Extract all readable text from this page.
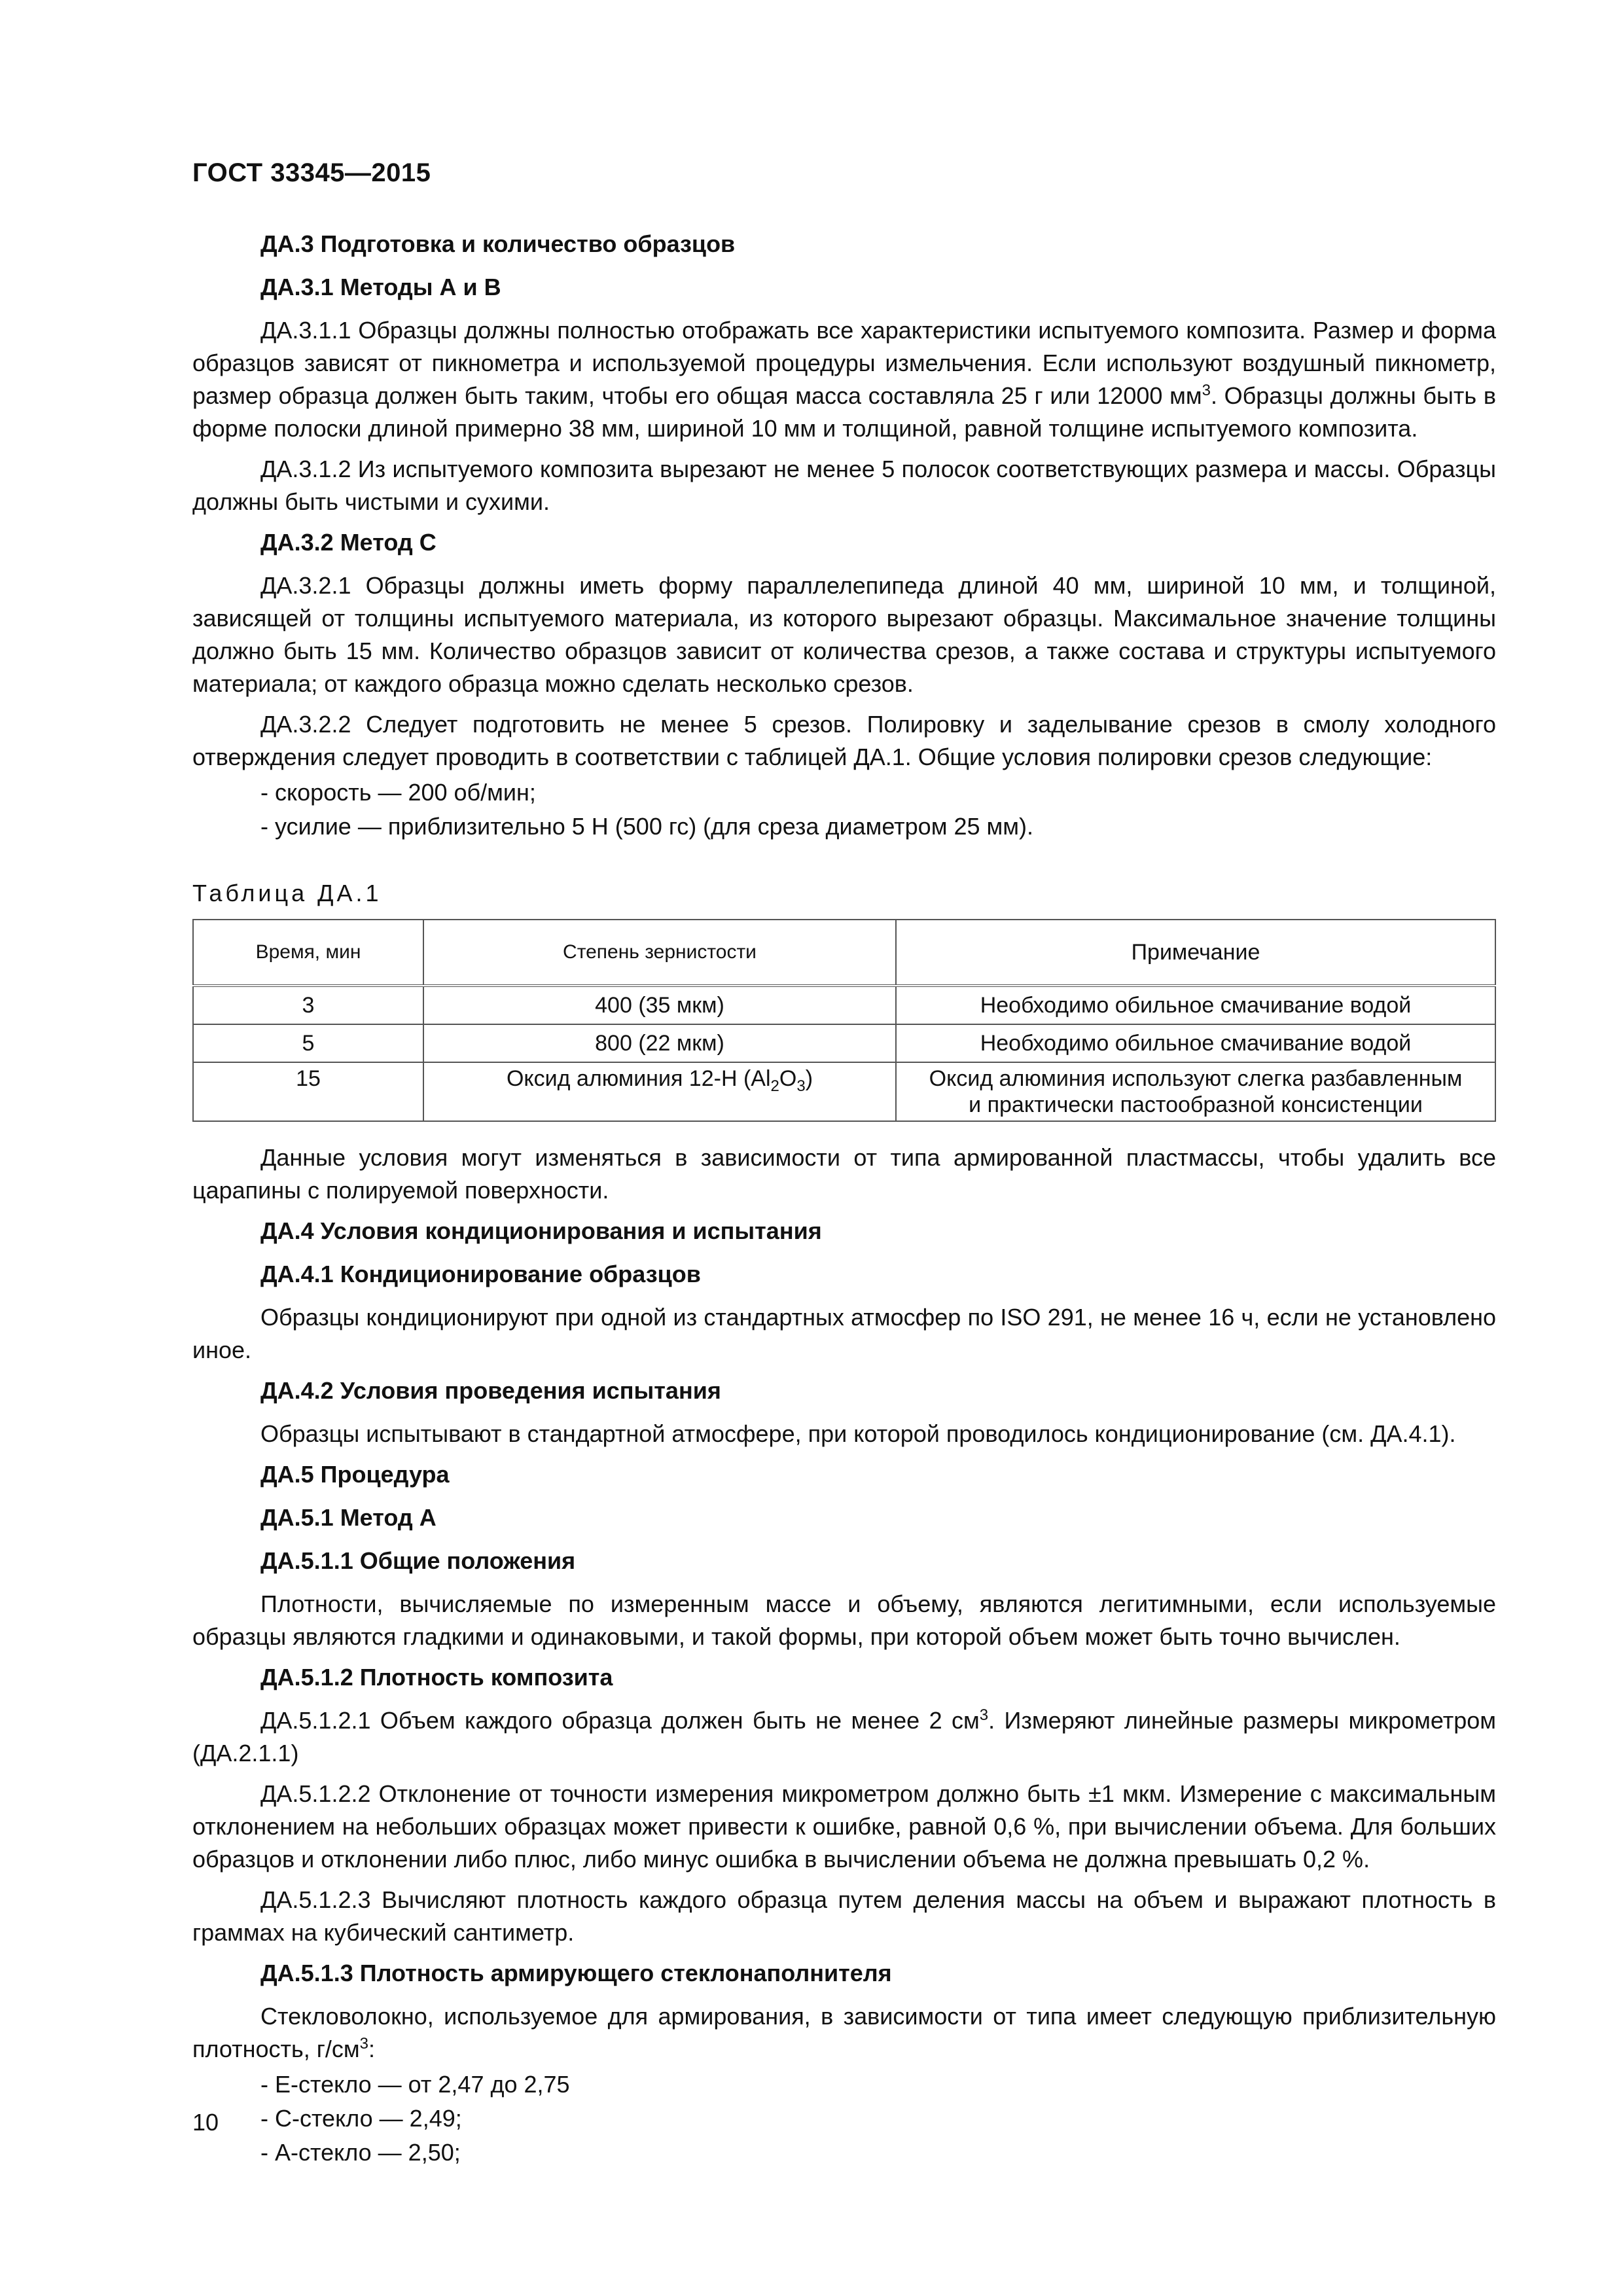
ГОСТ 33345—2015

ДА.3 Подготовка и количество образцов

ДА.3.1 Методы А и В

ДА.3.1.1 Образцы должны полностью отображать все характеристики испытуемого композита. Размер и форма образцов зависят от пикнометра и используемой процедуры измельчения. Если используют воздушный пикнометр, размер образца должен быть таким, чтобы его общая масса составляла 25 г или 12000 $мм^3$. Образцы должны быть в форме полоски длиной примерно 38 мм, шириной 10 мм и толщиной, равной толщине испытуемого композита.

ДА.3.1.2 Из испытуемого композита вырезают не менее 5 полосок соответствующих размера и массы. Образцы должны быть чистыми и сухими.

ДА.3.2 Метод С

ДА.3.2.1 Образцы должны иметь форму параллелепипеда длиной 40 мм, шириной 10 мм, и толщиной, зависящей от толщины испытуемого материала, из которого вырезают образцы. Максимальное значение толщины должно быть 15 мм. Количество образцов зависит от количества срезов, а также состава и структуры испытуемого материала; от каждого образца можно сделать несколько срезов.

ДА.3.2.2 Следует подготовить не менее 5 срезов. Полировку и заделывание срезов в смолу холодного отверждения следует проводить в соответствии с таблицей ДА.1. Общие условия полировки срезов следующие:

- скорость — 200 об/мин;

- усилие — приблизительно 5 Н (500 гс) (для среза диаметром 25 мм).

Таблица ДА.1

Время, мин	Степень зернистости	Примечание
3	400 (35 мкм)	Необходимо обильное смачивание водой
5	800 (22 мкм)	Необходимо обильное смачивание водой
15	Оксид алюминия 12-Н $(Al_2O_3)$	Оксид алюминия используют слегка разбавленным
и практически пастообразной консистенции

Данные условия могут изменяться в зависимости от типа армированной пластмассы, чтобы удалить все царапины с полируемой поверхности.

ДА.4 Условия кондиционирования и испытания

ДА.4.1 Кондиционирование образцов

Образцы кондиционируют при одной из стандартных атмосфер по ISO 291, не менее 16 ч, если не установлено иное.

ДА.4.2 Условия проведения испытания

Образцы испытывают в стандартной атмосфере, при которой проводилось кондиционирование (см. ДА.4.1).

ДА.5 Процедура

ДА.5.1 Метод А

ДА.5.1.1 Общие положения

Плотности, вычисляемые по измеренным массе и объему, являются легитимными, если используемые образцы являются гладкими и одинаковыми, и такой формы, при которой объем может быть точно вычислен.

ДА.5.1.2 Плотность композита

ДА.5.1.2.1 Объем каждого образца должен быть не менее 2 $см^3$. Измеряют линейные размеры микрометром (ДА.2.1.1)

ДА.5.1.2.2 Отклонение от точности измерения микрометром должно быть ±1 мкм. Измерение с максимальным отклонением на небольших образцах может привести к ошибке, равной 0,6 %, при вычислении объема. Для больших образцов и отклонении либо плюс, либо минус ошибка в вычислении объема не должна превышать 0,2 %.

ДА.5.1.2.3 Вычисляют плотность каждого образца путем деления массы на объем и выражают плотность в граммах на кубический сантиметр.

ДА.5.1.3 Плотность армирующего стеклонаполнителя

Стекловолокно, используемое для армирования, в зависимости от типа имеет следующую приблизительную плотность, $г/см^3$:

- Е-стекло — от 2,47 до 2,75

- С-стекло — 2,49;

- А-стекло — 2,50;

10
